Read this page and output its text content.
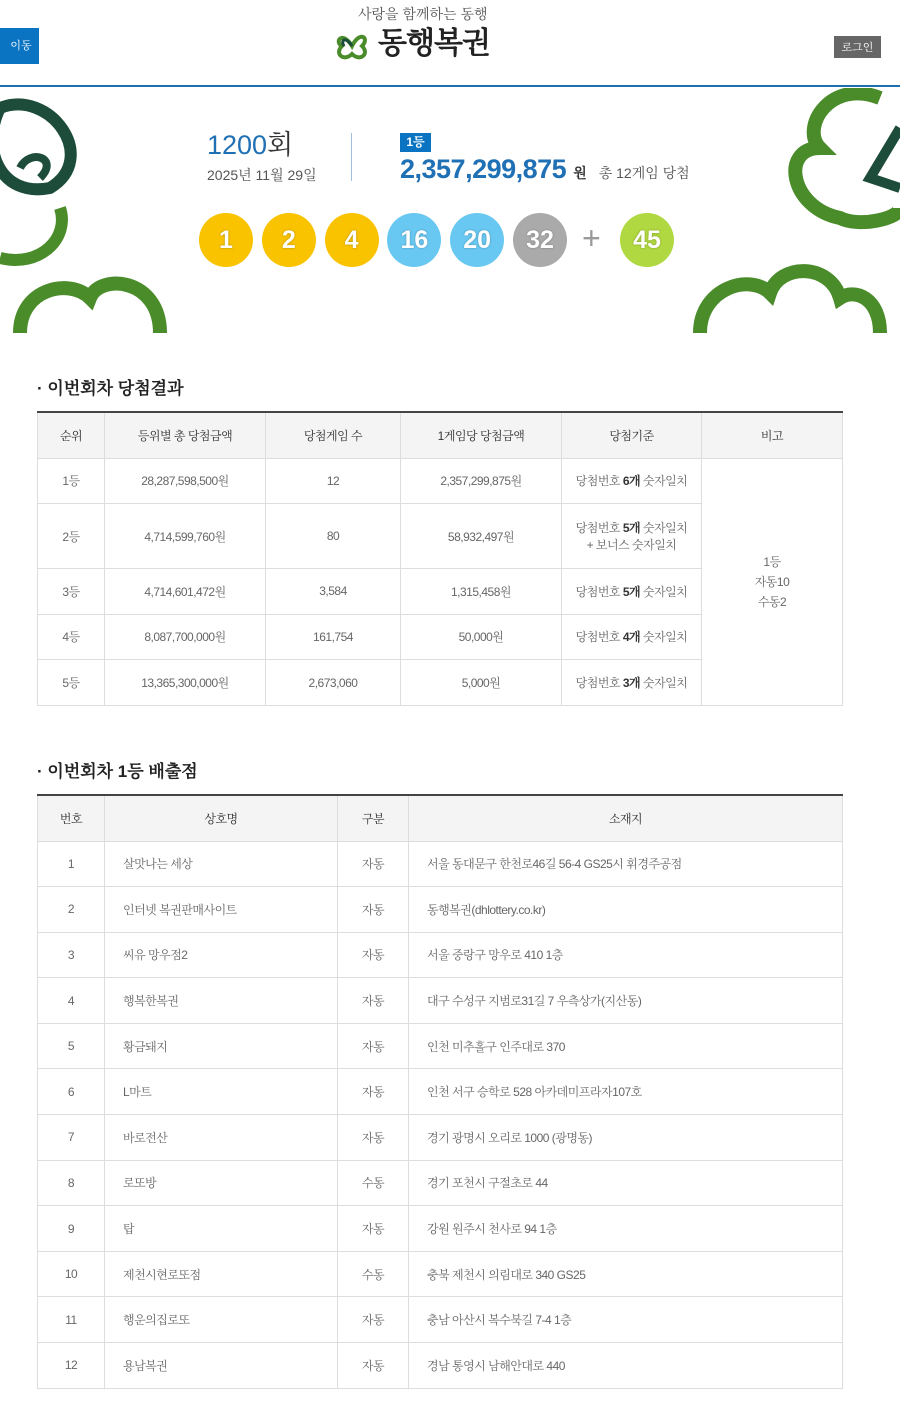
이동
사랑을 함께하는 동행
동행복권	로그인
1200회
2025년 11월 29일
1등
2,357,299,875 원 총 12게임 당첨
1	2	4	16	20	32 +	45
· 이번회차 당첨결과
순위	등위별 총 당첨금액	당첨게임 수	1게임당 당첨금액	당첨기준	비고
1등	28,287,598,500원	12	2,357,299,875원	당첨번호 6개 숫자일치	1등
자동10
수동2
2등	4,714,599,760원	80	58,932,497원	당첨번호 5개 숫자일치
+ 보너스 숫자일치	
3등	4,714,601,472원	3,584	1,315,458원	당첨번호 5개 숫자일치	
4등	8,087,700,000원	161,754	50,000원	당첨번호 4개 숫자일치	
5등	13,365,300,000원	2,673,060	5,000원	당첨번호 3개 숫자일치	
· 이번회차 1등 배출점
번호	상호명	구분	소재지
1	살맛나는 세상	자동	서울 동대문구 한천로46길 56-4 GS25시 휘경주공점
2	인터넷 복권판매사이트	자동	동행복권(dhlottery.co.kr)
3	씨유 망우점2	자동	서울 중랑구 망우로 410 1층
4	행복한복권	자동	대구 수성구 지범로31길 7 우측상가(지산동)
5	황금돼지	자동	인천 미추홀구 인주대로 370
6	L마트	자동	인천 서구 승학로 528 아카데미프라자107호
7	바로전산	자동	경기 광명시 오리로 1000 (광명동)
8	로또방	수동	경기 포천시 구절초로 44
9	탑	자동	강원 원주시 천사로 94 1층
10	제천시현로또점	수동	충북 제천시 의림대로 340 GS25
11	행운의집로또	자동	충남 아산시 복수북길 7-4 1층
12	용남복권	자동	경남 통영시 남해안대로 440
